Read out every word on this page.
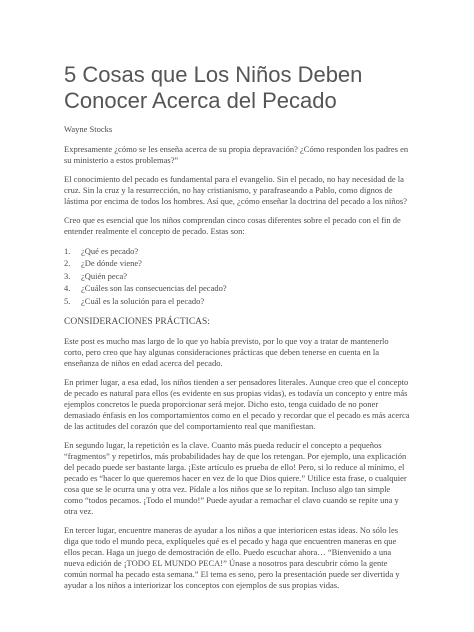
5 Cosas que Los Niños Deben Conocer Acerca del Pecado
Wayne Stocks

Expresamente ¿cómo se les enseña acerca de su propia depravación? ¿Cómo responden los padres en su ministerio a estos problemas?”

El conocimiento del pecado es fundamental para el evangelio. Sin el pecado, no hay necesidad de la cruz. Sin la cruz y la resurrección, no hay cristianismo, y parafraseando a Pablo, como dignos de lástima por encima de todos los hombres. Así que, ¿cómo enseñar la doctrina del pecado a los niños?

Creo que es esencial que los niños comprendan cinco cosas diferentes sobre el pecado con el fin de entender realmente el concepto de pecado. Estas son:

1.	¿Qué es pecado?
2.	¿De dónde viene?
3.	¿Quién peca?
4.	¿Cuáles son las consecuencias del pecado?
5.	¿Cuál es la solución para el pecado?
CONSIDERACIONES PRÁCTICAS:

Este post es mucho mas largo de lo que yo había previsto, por lo que voy a tratar de mantenerlo corto, pero creo que hay algunas consideraciones prácticas que deben tenerse en cuenta en la enseñanza de niños en edad acerca del pecado.

En primer lugar, a esa edad, los niños tienden a ser pensadores literales. Aunque creo que el concepto de pecado es natural para ellos (es evidente en sus propias vidas), es todavía un concepto y entre más ejemplos concretos le pueda proporcionar será mejor. Dicho esto, tenga cuidado de no poner demasiado énfasis en los comportamientos como en el pecado y recordar que el pecado es más acerca de las actitudes del corazón que del comportamiento real que manifiestan.

En segundo lugar, la repetición es la clave. Cuanto más pueda reducir el concepto a pequeños “fragmentos” y repetirlos, más probabilidades hay de que los retengan. Por ejemplo, una explicación del pecado puede ser bastante larga. ¡Este artículo es prueba de ello! Pero, si lo reduce al mínimo, el pecado es “hacer lo que queremos hacer en vez de lo que Dios quiere.” Utilice esta frase, o cualquier cosa que se le ocurra una y otra vez. Pídale a los niños que se lo repitan. Incluso algo tan simple como “todos pecamos. ¡Todo el mundo!” Puede ayudar a remachar el clavo cuando se repite una y otra vez.

En tercer lugar, encuentre maneras de ayudar a los niños a que interioricen estas ideas. No sólo les diga que todo el mundo peca, explíqueles qué es el pecado y haga que encuentren maneras en que ellos pecan. Haga un juego de demostración de ello. Puedo escuchar ahora… “Bienvenido a una nueva edición de ¡TODO EL MUNDO PECA!” Únase a nosotros para descubrir cómo la gente común normal ha pecado esta semana.” El tema es seno, pero la presentación puede ser divertida y ayudar a los niños a interiorizar los conceptos con ejemplos de sus propias vidas.
